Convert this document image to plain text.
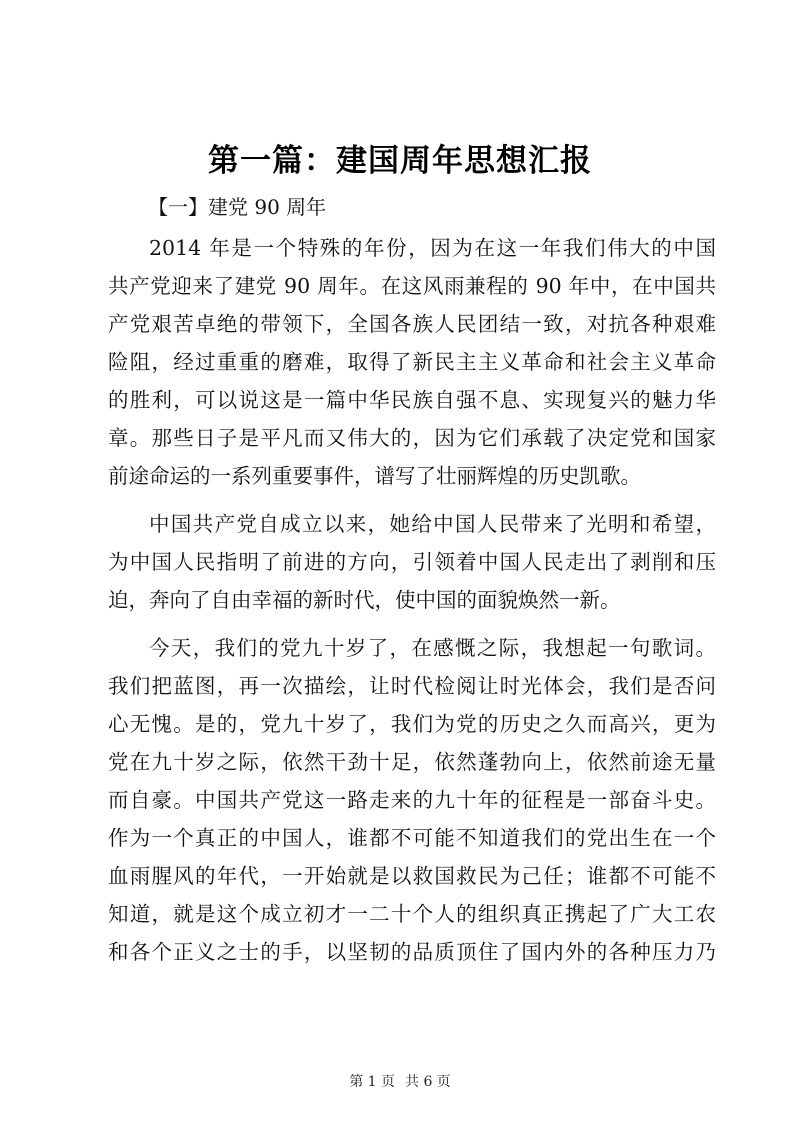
第一篇：建国周年思想汇报
【一】建党 90 周年
2014 年是一个特殊的年份，因为在这一年我们伟大的中国
共产党迎来了建党 90 周年。在这风雨兼程的 90 年中，在中国共
产党艰苦卓绝的带领下，全国各族人民团结一致，对抗各种艰难
险阻，经过重重的磨难，取得了新民主主义革命和社会主义革命
的胜利，可以说这是一篇中华民族自强不息、实现复兴的魅力华
章。那些日子是平凡而又伟大的，因为它们承载了决定党和国家
前途命运的一系列重要事件，谱写了壮丽辉煌的历史凯歌。
中国共产党自成立以来，她给中国人民带来了光明和希望，
为中国人民指明了前进的方向，引领着中国人民走出了剥削和压
迫，奔向了自由幸福的新时代，使中国的面貌焕然一新。
今天，我们的党九十岁了，在感慨之际，我想起一句歌词。
我们把蓝图，再一次描绘，让时代检阅让时光体会，我们是否问
心无愧。是的，党九十岁了，我们为党的历史之久而高兴，更为
党在九十岁之际，依然干劲十足，依然蓬勃向上，依然前途无量
而自豪。中国共产党这一路走来的九十年的征程是一部奋斗史。
作为一个真正的中国人，谁都不可能不知道我们的党出生在一个
血雨腥风的年代，一开始就是以救国救民为己任；谁都不可能不
知道，就是这个成立初才一二十个人的组织真正携起了广大工农
和各个正义之士的手，以坚韧的品质顶住了国内外的各种压力乃
第 1 页 共 6 页
